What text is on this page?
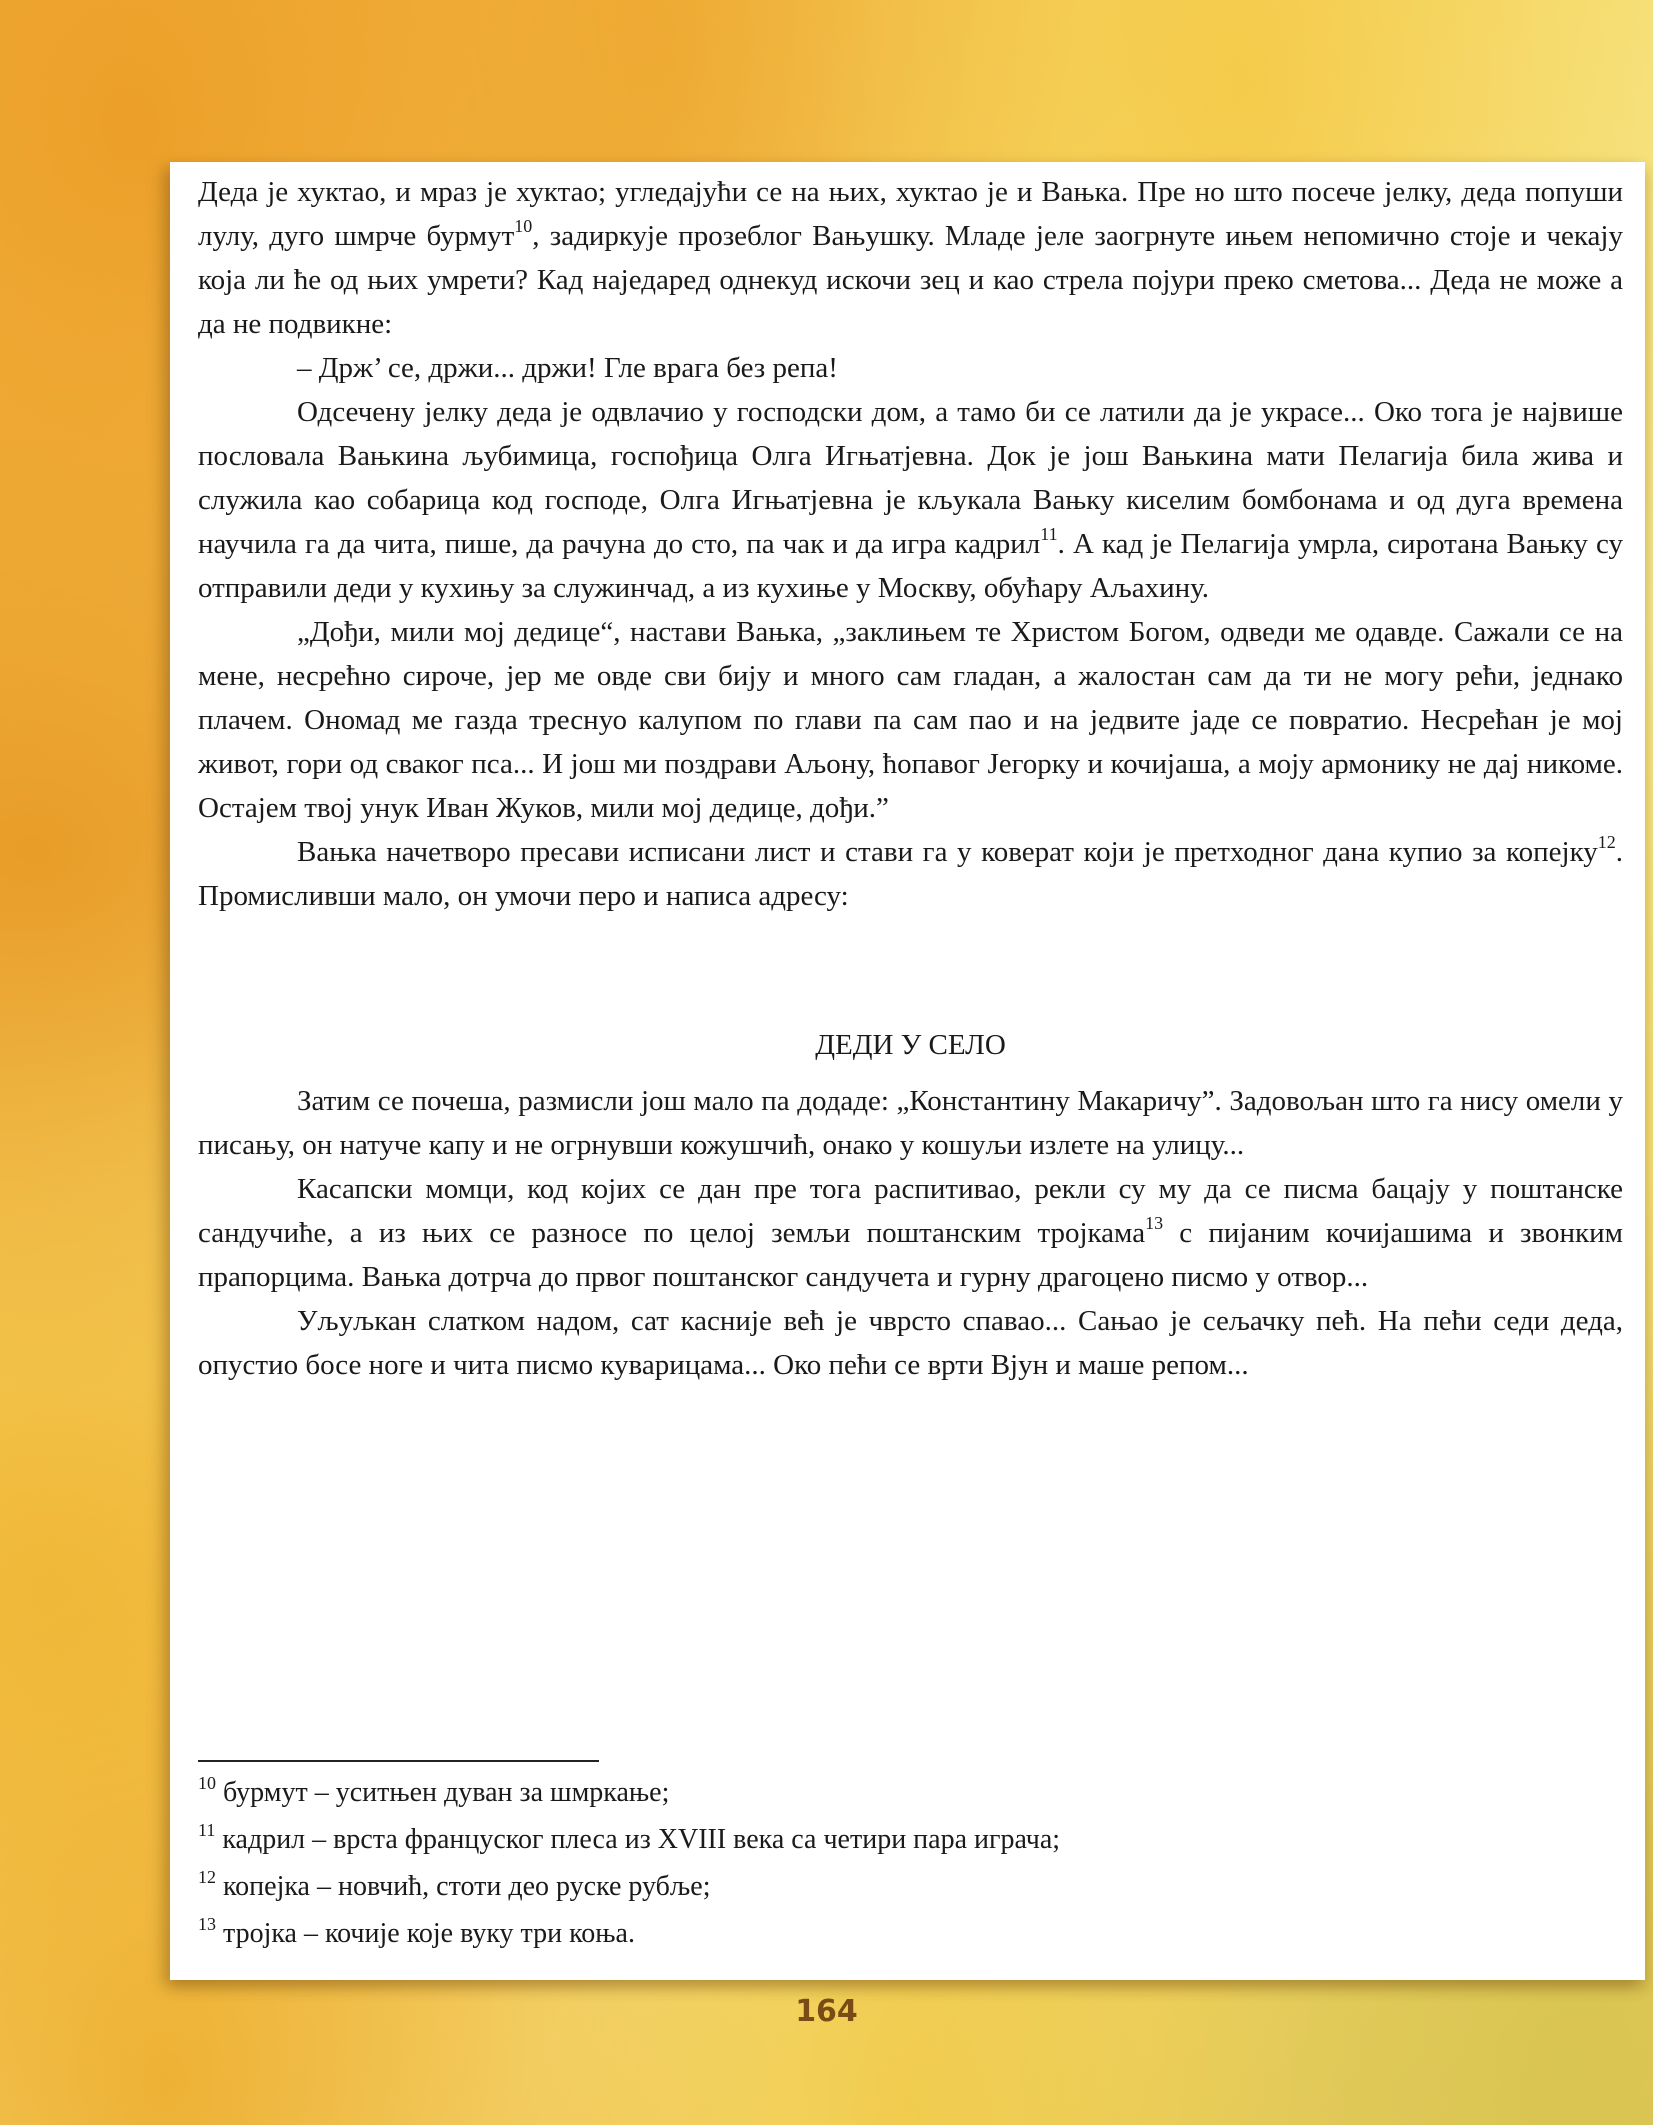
Деда је хуктао, и мраз је хуктао; угледајући се на њих, хуктао је и Вањка. Пре но што посече јелку, деда попуши лулу, дуго шмрче бурмут$^{10}$, задиркује прозеблог Вањушку. Младе јеле заогрнуте ињем непомично стоје и чекају која ли ће од њих умрети? Кад наједаред однекуд искочи зец и као стрела појури преко сметова... Деда не може а да не подвикне:

– Држ’ се, држи... држи! Гле врага без репа!

Одсечену јелку деда је одвлачио у господски дом, а тамо би се латили да је украсе... Око тога је највише пословала Вањкина љубимица, госпођица Олга Игњатјевна. Док је још Вањкина мати Пелагија била жива и служила као собарица код господе, Олга Игњатјевна је кљукала Вањку киселим бомбонама и од дуга времена научила га да чита, пише, да рачуна до сто, па чак и да игра кадрил$^{11}$. А кад је Пелагија умрла, сиротана Вањку су отправили деди у кухињу за служинчад, а из кухиње у Москву, обућару Аљахину.

„Дођи, мили мој дедице“, настави Вањка, „заклињем те Христом Богом, одведи ме одавде. Сажали се на мене, несрећно сироче, јер ме овде сви бију и много сам гладан, а жалостан сам да ти не могу рећи, једнако плачем. Ономад ме газда треснуо калупом по глави па сам пао и на једвите јаде се повратио. Несрећан је мој живот, гори од сваког пса... И још ми поздрави Аљону, ћопавог Јегорку и кочијаша, а моју армонику не дај никоме. Остајем твој унук Иван Жуков, мили мој дедице, дођи.”

Вањка начетворо пресави исписани лист и стави га у коверат који је претходног дана купио за копејку$^{12}$. Промисливши мало, он умочи перо и написа адресу:

ДЕДИ У СЕЛО

Затим се почеша, размисли још мало па додаде: „Константину Макаричу”. Задовољан што га нису омели у писању, он натуче капу и не огрнувши кожушчић, онако у кошуљи излете на улицу...

Касапски момци, код којих се дан пре тога распитивао, рекли су му да се писма бацају у поштанске сандучиће, а из њих се разносе по целој земљи поштанским тројкама$^{13}$ с пијаним кочијашима и звонким прапорцима. Вањка дотрча до првог поштанског сандучета и гурну драгоцено писмо у отвор...

Уљуљкан слатком надом, сат касније већ је чврсто спавао... Сањао је сељачку пећ. На пећи седи деда, опустио босе ноге и чита писмо куварицама... Око пећи се врти Вјун и маше репом...

$^{10}$ бурмут – уситњен дуван за шмркање;

$^{11}$ кадрил – врста француског плеса из XVIII века са четири пара играча;

$^{12}$ копејка – новчић, стоти део руске рубље;

$^{13}$ тројка – кочије које вуку три коња.

164
